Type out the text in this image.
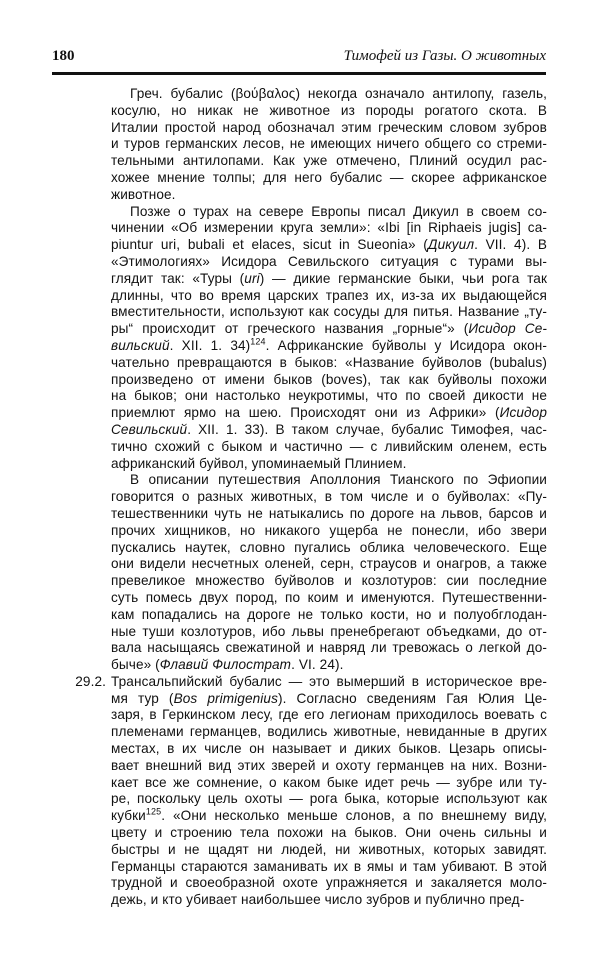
180	Тимофей из Газы. О животных

Греч. бубалис (βούβαλος) некогда означало антилопу, газель,
косулю, но никак не животное из породы рогатого скота. В
Италии простой народ обозначал этим греческим словом зубров
и туров германских лесов, не имеющих ничего общего со стреми-
тельными антилопами. Как уже отмечено, Плиний осудил рас-
хожее мнение толпы; для него бубалис — скорее африканское
животное.

Позже о турах на севере Европы писал Дикуил в своем со-
чинении «Об измерении круга земли»: «Ibi [in Riphaeis jugis] ca-
piuntur uri, bubali et elaces, sicut in Sueonia» (Дикуил. VII. 4). В
«Этимологиях» Исидора Севильского ситуация с турами вы-
глядит так: «Туры (uri) — дикие германские быки, чьи рога так
длинны, что во время царских трапез их, из-за их выдающейся
вместительности, используют как сосуды для питья. Название „ту-
ры“ происходит от греческого названия „горные“» (Исидор Се-
вильский. XII. 1. 34)$^{124}$. Африканские буйволы у Исидора окон-
чательно превращаются в быков: «Название буйволов (bubalus)
произведено от имени быков (boves), так как буйволы похожи
на быков; они настолько неукротимы, что по своей дикости не
приемлют ярмо на шею. Происходят они из Африки» (Исидор
Севильский. XII. 1. 33). В таком случае, бубалис Тимофея, час-
тично схожий с быком и частично — с ливийским оленем, есть
африканский буйвол, упоминаемый Плинием.

В описании путешествия Аполлония Тианского по Эфиопии
говорится о разных животных, в том числе и о буйволах: «Пу-
тешественники чуть не натыкались по дороге на львов, барсов и
прочих хищников, но никакого ущерба не понесли, ибо звери
пускались наутек, словно пугались облика человеческого. Еще
они видели несчетных оленей, серн, страусов и онагров, а также
превеликое множество буйволов и козлотуров: сии последние
суть помесь двух пород, по коим и именуются. Путешественни-
кам попадались на дороге не только кости, но и полуобглодан-
ные туши козлотуров, ибо львы пренебрегают объедками, до от-
вала насыщаясь свежатиной и навряд ли тревожась о легкой до-
быче» (Флавий Филострат. VI. 24).

29.2. Трансальпийский бубалис — это вымерший в историческое вре-
мя тур (Bos primigenius). Согласно сведениям Гая Юлия Це-
заря, в Геркинском лесу, где его легионам приходилось воевать с
племенами германцев, водились животные, невиданные в других
местах, в их числе он называет и диких быков. Цезарь описы-
вает внешний вид этих зверей и охоту германцев на них. Возни-
кает все же сомнение, о каком быке идет речь — зубре или ту-
ре, поскольку цель охоты — рога быка, которые используют как
кубки$^{125}$. «Они несколько меньше слонов, а по внешнему виду,
цвету и строению тела похожи на быков. Они очень сильны и
быстры и не щадят ни людей, ни животных, которых завидят.
Германцы стараются заманивать их в ямы и там убивают. В этой
трудной и своеобразной охоте упражняется и закаляется моло-
дежь, и кто убивает наибольшее число зубров и публично пред-
